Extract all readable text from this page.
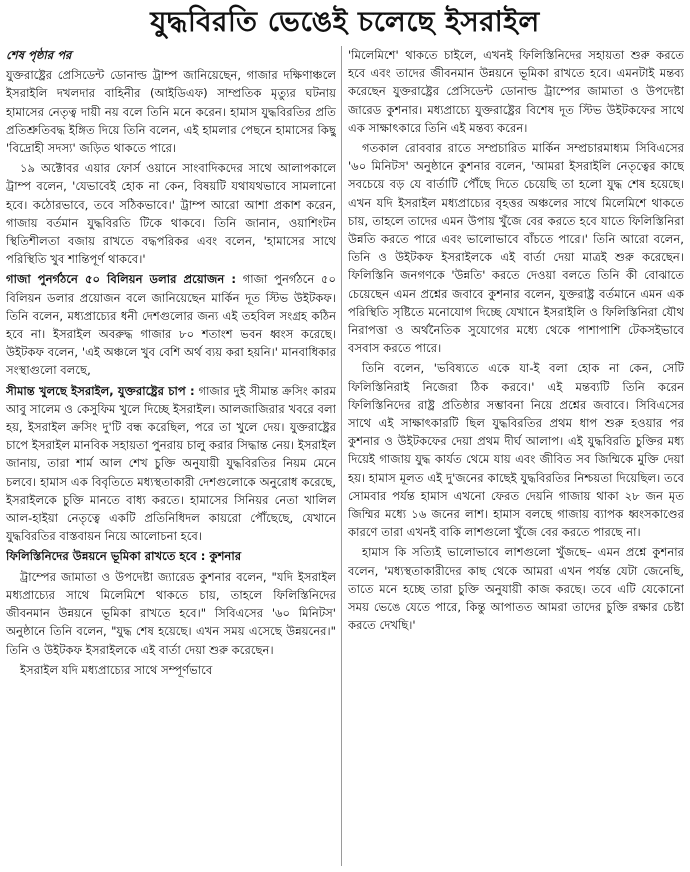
যুদ্ধবিরতি ভেঙেই চলেছে ইসরাইল
শেষ পৃষ্ঠার পর

যুক্তরাষ্ট্রের প্রেসিডেন্ট ডোনাল্ড ট্রাম্প জানিয়েছেন, গাজার দক্ষিণাঞ্চলে ইসরাইলি দখলদার বাহিনীর (আইডিএফ) সাম্প্রতিক মৃত্যুর ঘটনায় হামাসের নেতৃত্ব দায়ী নয় বলে তিনি মনে করেন। হামাস যুদ্ধবিরতির প্রতি প্রতিশ্রুতিবদ্ধ ইঙ্গিত দিয়ে তিনি বলেন, এই হামলার পেছনে হামাসের কিছু 'বিদ্রোহী সদস্য' জড়িত থাকতে পারে।

১৯ অক্টোবর এয়ার ফোর্স ওয়ানে সাংবাদিকদের সাথে আলাপকালে ট্রাম্প বলেন, 'যেভাবেই হোক না কেন, বিষয়টি যথাযথভাবে সামলানো হবে। কঠোরভাবে, তবে সঠিকভাবে।' ট্রাম্প আরো আশা প্রকাশ করেন, গাজায় বর্তমান যুদ্ধবিরতি টিকে থাকবে। তিনি জানান, ওয়াশিংটন স্থিতিশীলতা বজায় রাখতে বদ্ধপরিকর এবং বলেন, 'হামাসের সাথে পরিস্থিতি খুব শান্তিপূর্ণ থাকবে।'

গাজা পুনর্গঠনে ৫০ বিলিয়ন ডলার প্রয়োজন : গাজা পুনর্গঠনে ৫০ বিলিয়ন ডলার প্রয়োজন বলে জানিয়েছেন মার্কিন দূত স্টিভ উইটকফ। তিনি বলেন, মধ্যপ্রাচ্যের ধনী দেশগুলোর জন্য এই তহবিল সংগ্রহ কঠিন হবে না। ইসরাইল অবরুদ্ধ গাজার ৮০ শতাংশ ভবন ধ্বংস করেছে। উইটকফ বলেন, 'এই অঞ্চলে খুব বেশি অর্থ ব্যয় করা হয়নি।' মানবাধিকার সংস্থাগুলো বলছে,

সীমান্ত খুলছে ইসরাইল, যুক্তরাষ্ট্রের চাপ : গাজার দুই সীমান্ত ক্রসিং কারম আবু সালেম ও কেসুফিম খুলে দিচ্ছে ইসরাইল। আলজাজিরার খবরে বলা হয়, ইসরাইল ক্রসিং দু'টি বন্ধ করেছিল, পরে তা খুলে দেয়। যুক্তরাষ্ট্রের চাপে ইসরাইল মানবিক সহায়তা পুনরায় চালু করার সিদ্ধান্ত নেয়। ইসরাইল জানায়, তারা শার্ম আল শেখ চুক্তি অনুযায়ী যুদ্ধবিরতির নিয়ম মেনে চলবে। হামাস এক বিবৃতিতে মধ্যস্থতাকারী দেশগুলোকে অনুরোধ করেছে, ইসরাইলকে চুক্তি মানতে বাধ্য করতে। হামাসের সিনিয়র নেতা খালিল আল-হাইয়া নেতৃত্বে একটি প্রতিনিধিদল কায়রো পৌঁছেছে, যেখানে যুদ্ধবিরতির বাস্তবায়ন নিয়ে আলোচনা হবে।

ফিলিস্তিনিদের উন্নয়নে ভূমিকা রাখতে হবে : কুশনার

ট্রাম্পের জামাতা ও উপদেষ্টা জ্যারেড কুশনার বলেন, "যদি ইসরাইল মধ্যপ্রাচ্যের সাথে মিলেমিশে থাকতে চায়, তাহলে ফিলিস্তিনিদের জীবনমান উন্নয়নে ভূমিকা রাখতে হবে।" সিবিএসের '৬০ মিনিটস' অনুষ্ঠানে তিনি বলেন, "যুদ্ধ শেষ হয়েছে। এখন সময় এসেছে উন্নয়নের।" তিনি ও উইটকফ ইসরাইলকে এই বার্তা দেয়া শুরু করেছেন।

ইসরাইল যদি মধ্যপ্রাচ্যের সাথে সম্পূর্ণভাবে

'মিলেমিশে' থাকতে চাইলে, এখনই ফিলিস্তিনিদের সহায়তা শুরু করতে হবে এবং তাদের জীবনমান উন্নয়নে ভূমিকা রাখতে হবে। এমনটাই মন্তব্য করেছেন যুক্তরাষ্ট্রের প্রেসিডেন্ট ডোনাল্ড ট্রাম্পের জামাতা ও উপদেষ্টা জারেড কুশনার। মধ্যপ্রাচ্যে যুক্তরাষ্ট্রের বিশেষ দূত স্টিভ উইটকফের সাথে এক সাক্ষাৎকারে তিনি এই মন্তব্য করেন।

গতকাল রোববার রাতে সম্প্রচারিত মার্কিন সম্প্রচারমাধ্যম সিবিএসের '৬০ মিনিটস' অনুষ্ঠানে কুশনার বলেন, 'আমরা ইসরাইলি নেতৃত্বের কাছে সবচেয়ে বড় যে বার্তাটি পৌঁছে দিতে চেয়েছি তা হলো যুদ্ধ শেষ হয়েছে। এখন যদি ইসরাইল মধ্যপ্রাচ্যের বৃহত্তর অঞ্চলের সাথে মিলেমিশে থাকতে চায়, তাহলে তাদের এমন উপায় খুঁজে বের করতে হবে যাতে ফিলিস্তিনিরা উন্নতি করতে পারে এবং ভালোভাবে বাঁচতে পারে।' তিনি আরো বলেন, তিনি ও উইটকফ ইসরাইলকে এই বার্তা দেয়া মাত্রই শুরু করেছেন। ফিলিস্তিনি জনগণকে 'উন্নতি' করতে দেওয়া বলতে তিনি কী বোঝাতে চেয়েছেন এমন প্রশ্নের জবাবে কুশনার বলেন, যুক্তরাষ্ট্র বর্তমানে এমন এক পরিস্থিতি সৃষ্টিতে মনোযোগ দিচ্ছে যেখানে ইসরাইলি ও ফিলিস্তিনিরা যৌথ নিরাপত্তা ও অর্থনৈতিক সুযোগের মধ্যে থেকে পাশাপাশি টেকসইভাবে বসবাস করতে পারে।

তিনি বলেন, 'ভবিষ্যতে একে যা-ই বলা হোক না কেন, সেটি ফিলিস্তিনিরাই নিজেরা ঠিক করবে।' এই মন্তব্যটি তিনি করেন ফিলিস্তিনিদের রাষ্ট্র প্রতিষ্ঠার সম্ভাবনা নিয়ে প্রশ্নের জবাবে। সিবিএসের সাথে এই সাক্ষাৎকারটি ছিল যুদ্ধবিরতির প্রথম ধাপ শুরু হওয়ার পর কুশনার ও উইটকফের দেয়া প্রথম দীর্ঘ আলাপ। এই যুদ্ধবিরতি চুক্তির মধ্য দিয়েই গাজায় যুদ্ধ কার্যত থেমে যায় এবং জীবিত সব জিম্মিকে মুক্তি দেয়া হয়। হামাস মূলত এই দু'জনের কাছেই যুদ্ধবিরতির নিশ্চয়তা দিয়েছিল। তবে সোমবার পর্যন্ত হামাস এখনো ফেরত দেয়নি গাজায় থাকা ২৮ জন মৃত জিম্মির মধ্যে ১৬ জনের লাশ। হামাস বলছে গাজায় ব্যাপক ধ্বংসকাণ্ডের কারণে তারা এখনই বাকি লাশগুলো খুঁজে বের করতে পারছে না।

হামাস কি সত্যিই ভালোভাবে লাশগুলো খুঁজছে– এমন প্রশ্নে কুশনার বলেন, 'মধ্যস্থতাকারীদের কাছ থেকে আমরা এখন পর্যন্ত যেটা জেনেছি, তাতে মনে হচ্ছে তারা চুক্তি অনুযায়ী কাজ করছে। তবে এটি যেকোনো সময় ভেঙে যেতে পারে, কিন্তু আপাতত আমরা তাদের চুক্তি রক্ষার চেষ্টা করতে দেখছি।'
